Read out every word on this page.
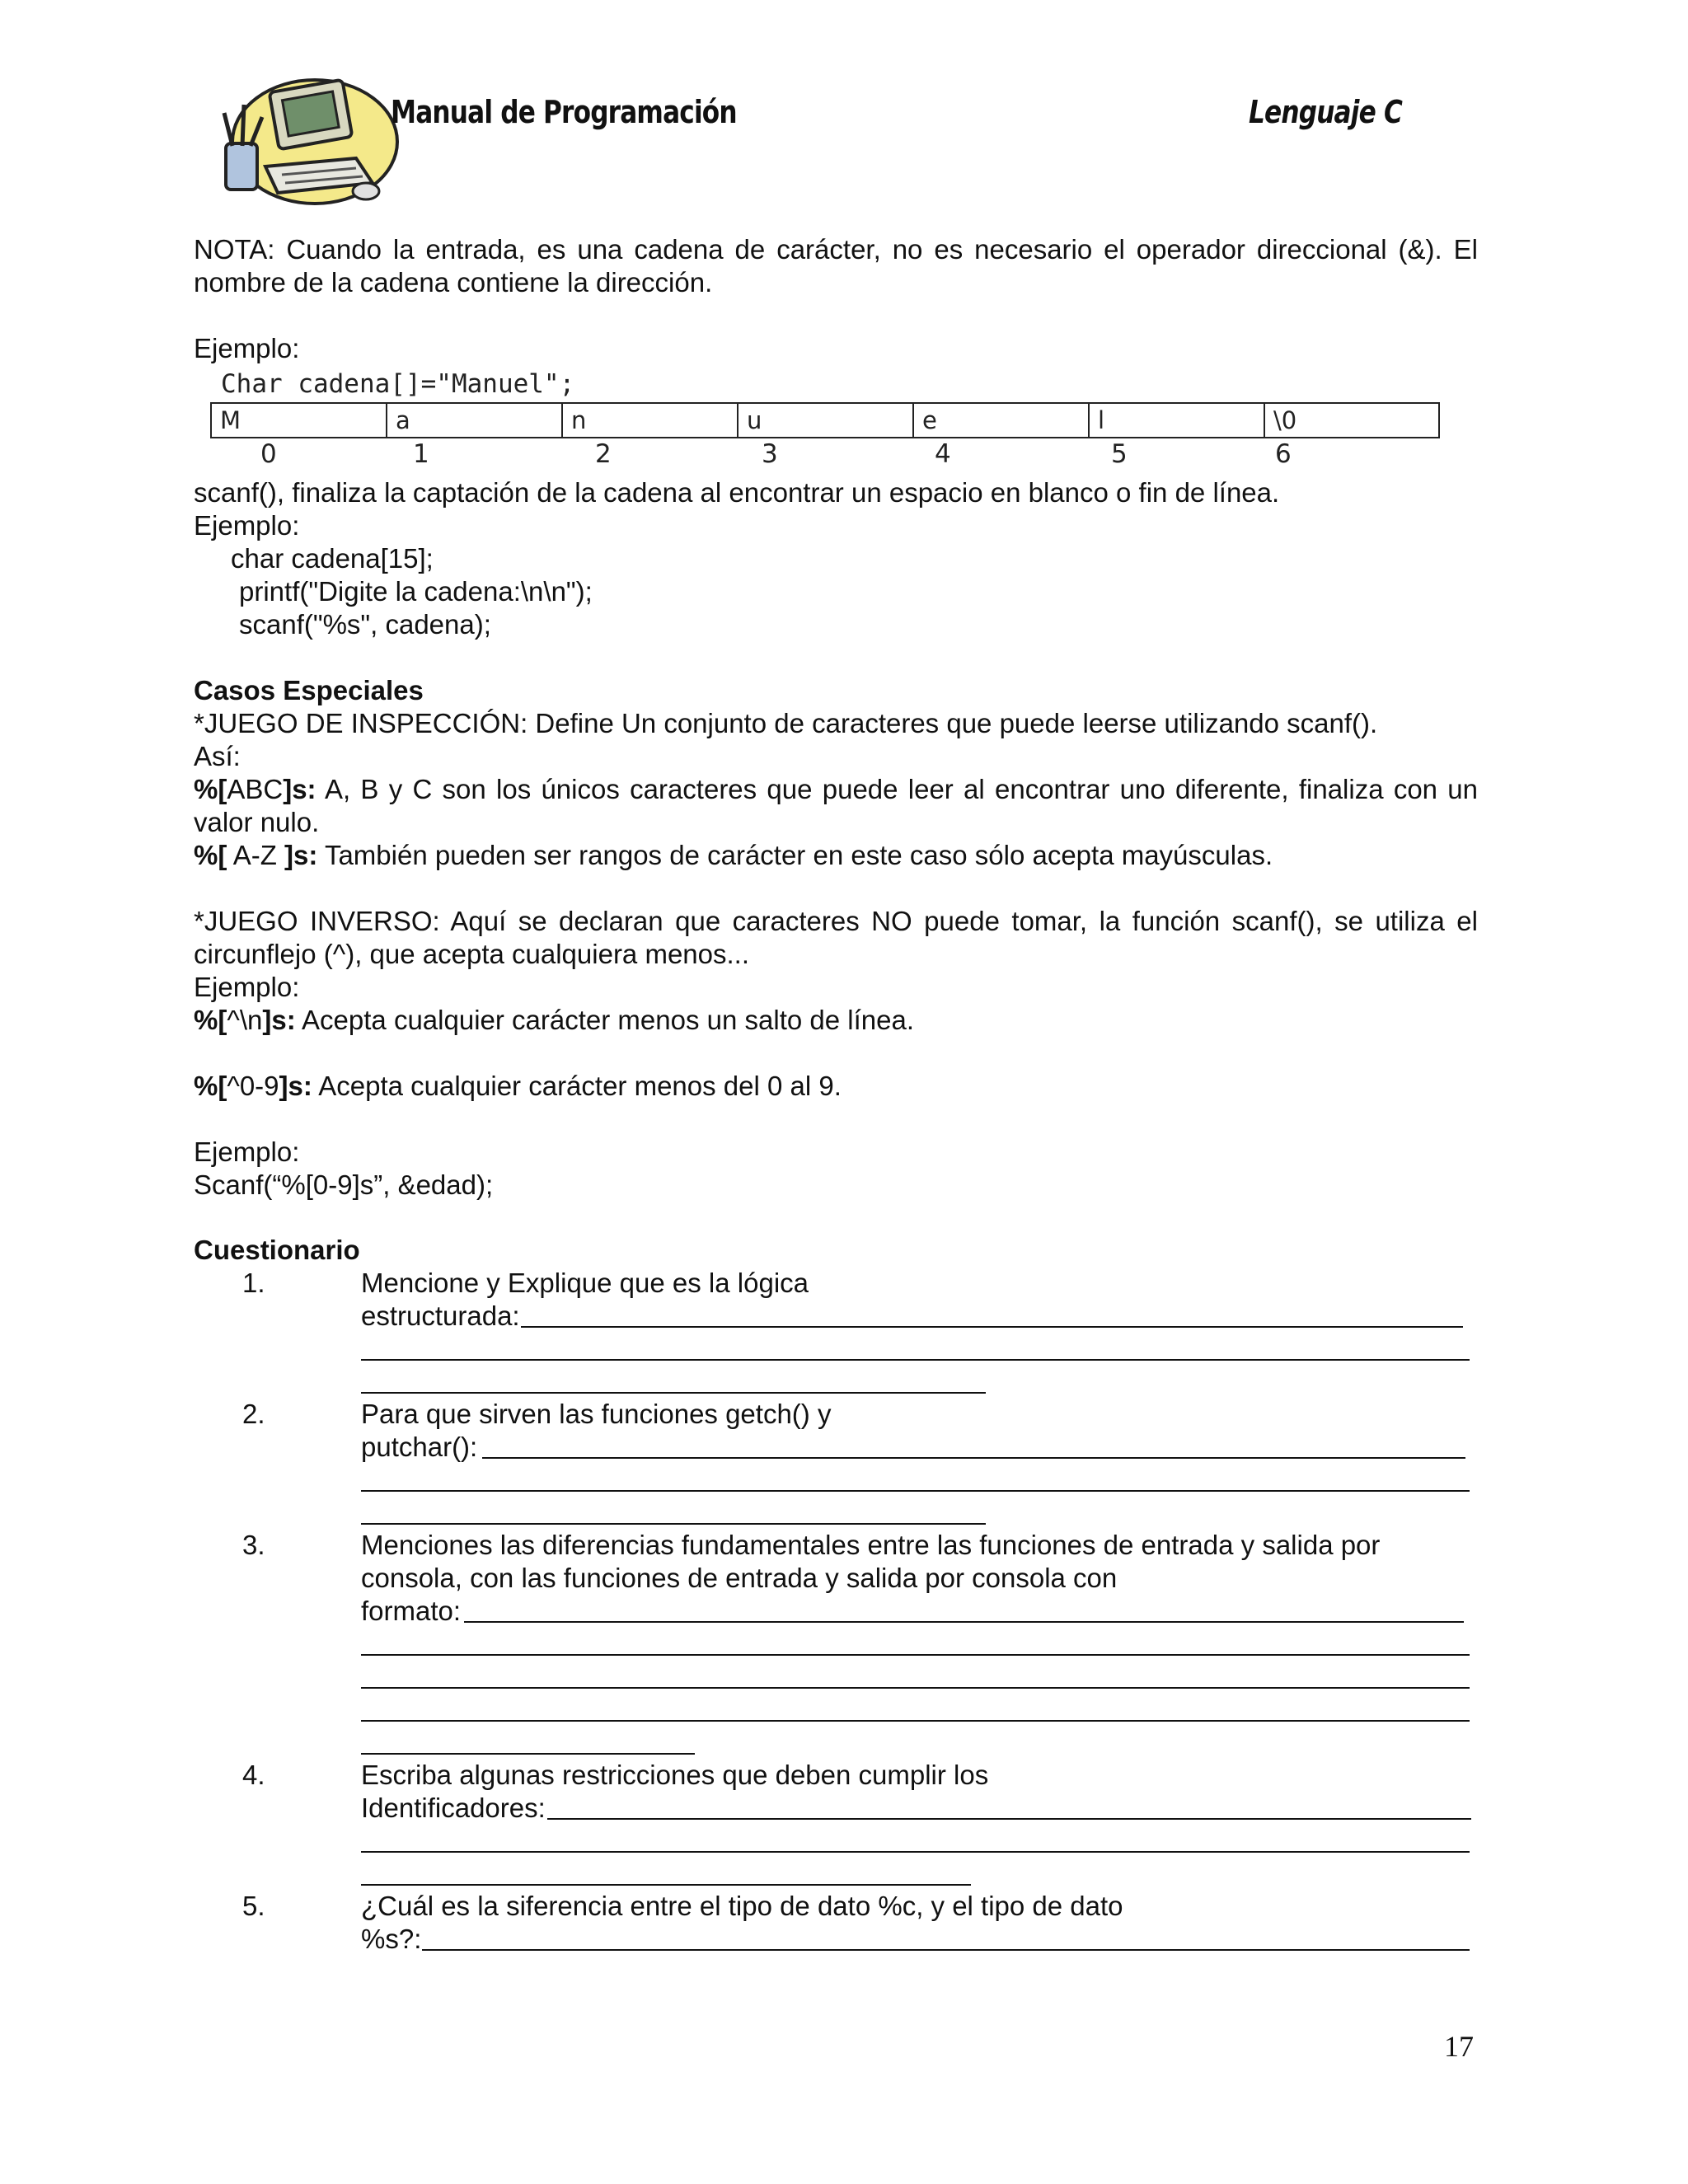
Manual de Programación	Lenguaje C
NOTA: Cuando la entrada, es una cadena de carácter, no es necesario el operador direccional (&). El nombre de la cadena contiene la dirección.
Ejemplo:
Char cadena[]="Manuel";
M	a	n	u	e	l	\0
0	1	2	3	4	5	6
scanf(), finaliza la captación de la cadena al encontrar un espacio en blanco o fin de línea.
Ejemplo:
char cadena[15];
printf("Digite la cadena:\n\n");
scanf("%s", cadena);
Casos Especiales
*JUEGO DE INSPECCIÓN: Define Un conjunto de caracteres que puede leerse utilizando scanf().
Así:
%[ABC]s: A, B y C son los únicos caracteres que puede leer al encontrar uno diferente, finaliza con un valor nulo.
%[ A-Z ]s: También pueden ser rangos de carácter en este caso sólo acepta mayúsculas.
*JUEGO INVERSO: Aquí se declaran que caracteres NO puede tomar, la función scanf(), se utiliza el circunflejo (^), que acepta cualquiera menos...
Ejemplo:
%[^\n]s: Acepta cualquier carácter menos un salto de línea.
%[^0-9]s: Acepta cualquier carácter menos del 0 al 9.
Ejemplo:
Scanf(“%[0-9]s”, &edad);
Cuestionario
1.	Mencione y Explique que es la lógica
estructurada:
2.	Para que sirven las funciones getch() y
putchar():
3.	Menciones las diferencias fundamentales entre las funciones de entrada y salida por
consola, con las funciones de entrada y salida por consola con
formato:
4.	Escriba algunas restricciones que deben cumplir los
Identificadores:
5.	¿Cuál es la siferencia entre el tipo de dato %c, y el tipo de dato
%s?:
17
